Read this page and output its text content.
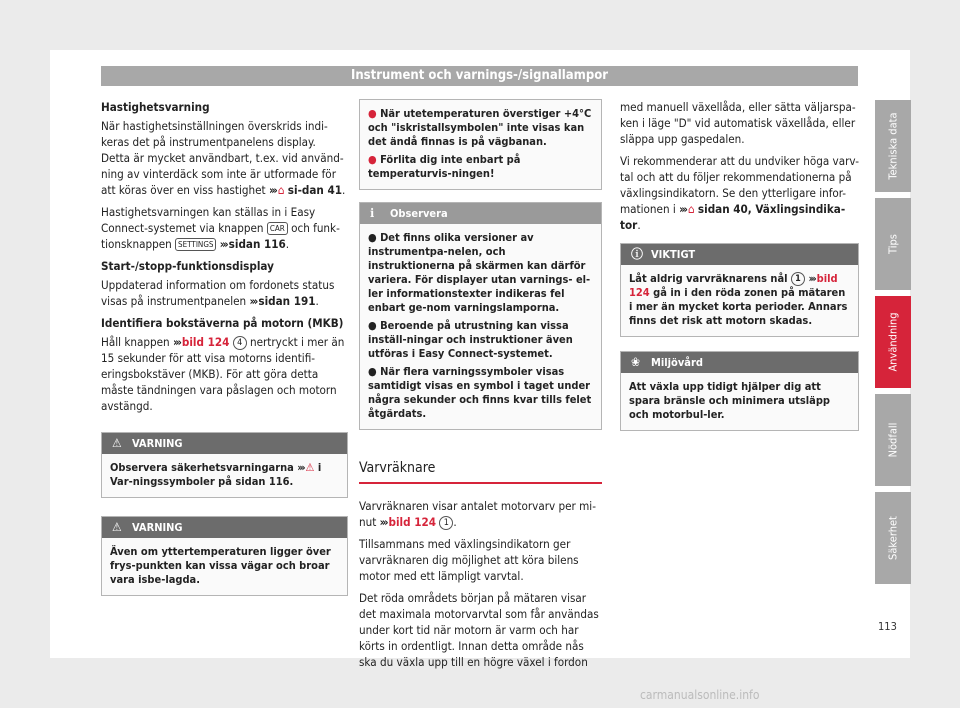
Instrument och varnings-/signallampor

Hastighetsvarning

När hastighetsinställningen överskrids indi-keras det på instrumentpanelens display. Detta är mycket användbart, t.ex. vid använd-ning av vinterdäck som inte är utformade för att köras över en viss hastighet ››› ⌂ si-dan 41.

Hastighetsvarningen kan ställas in i Easy Connect-systemet via knappen CAR och funk-tionsknappen SETTINGS ››› sidan 116.

Start-/stopp-funktionsdisplay

Uppdaterad information om fordonets status visas på instrumentpanelen ››› sidan 191.

Identifiera bokstäverna på motorn (MKB)

Håll knappen ››› bild 124 4 nertryckt i mer än 15 sekunder för att visa motorns identifi-eringsbokstäver (MKB). För att göra detta måste tändningen vara påslagen och motorn avstängd.

⚠ VARNING
Observera säkerhetsvarningarna ››› ⚠ i Var-ningssymboler på sidan 116.
⚠ VARNING
Även om yttertemperaturen ligger över frys-punkten kan vissa vägar och broar vara isbe-lagda.

● När utetemperaturen överstiger +4°C och "iskristallsymbolen" inte visas kan det ändå finnas is på vägbanan.

● Förlita dig inte enbart på temperaturvis-ningen!

ℹ Observera

● Det finns olika versioner av instrumentpa-nelen, och instruktionerna på skärmen kan därför variera. För displayer utan varnings- el-ler informationstexter indikeras fel enbart ge-nom varningslamporna.

● Beroende på utrustning kan vissa inställ-ningar och instruktioner även utföras i Easy Connect-systemet.

● När flera varningssymboler visas samtidigt visas en symbol i taget under några sekunder och finns kvar tills felet åtgärdats.

Varvräknare

Varvräknaren visar antalet motorvarv per mi-nut ››› bild 124 1 .

Tillsammans med växlingsindikatorn ger varvräknaren dig möjlighet att köra bilens motor med ett lämpligt varvtal.

Det röda områdets början på mätaren visar det maximala motorvarvtal som får användas under kort tid när motorn är varm och har körts in ordentligt. Innan detta område nås ska du växla upp till en högre växel i fordon

med manuell växellåda, eller sätta väljarspa-ken i läge "D" vid automatisk växellåda, eller släppa upp gaspedalen.

Vi rekommenderar att du undviker höga varv-tal och att du följer rekommendationerna på växlingsindikatorn. Se den ytterligare infor-mationen i ››› ⌂ sidan 40, Växlingsindika-tor.

ⓘ VIKTIGT
Låt aldrig varvräknarens nål 1 ››› bild 124 gå in i den röda zonen på mätaren i mer än mycket korta perioder. Annars finns det risk att motorn skadas.
❀ Miljövård
Att växla upp tidigt hjälper dig att spara bränsle och minimera utsläpp och motorbul-ler.
Tekniska data
Tips
Användning
Nödfall
Säkerhet
113
carmanualsonline.info
